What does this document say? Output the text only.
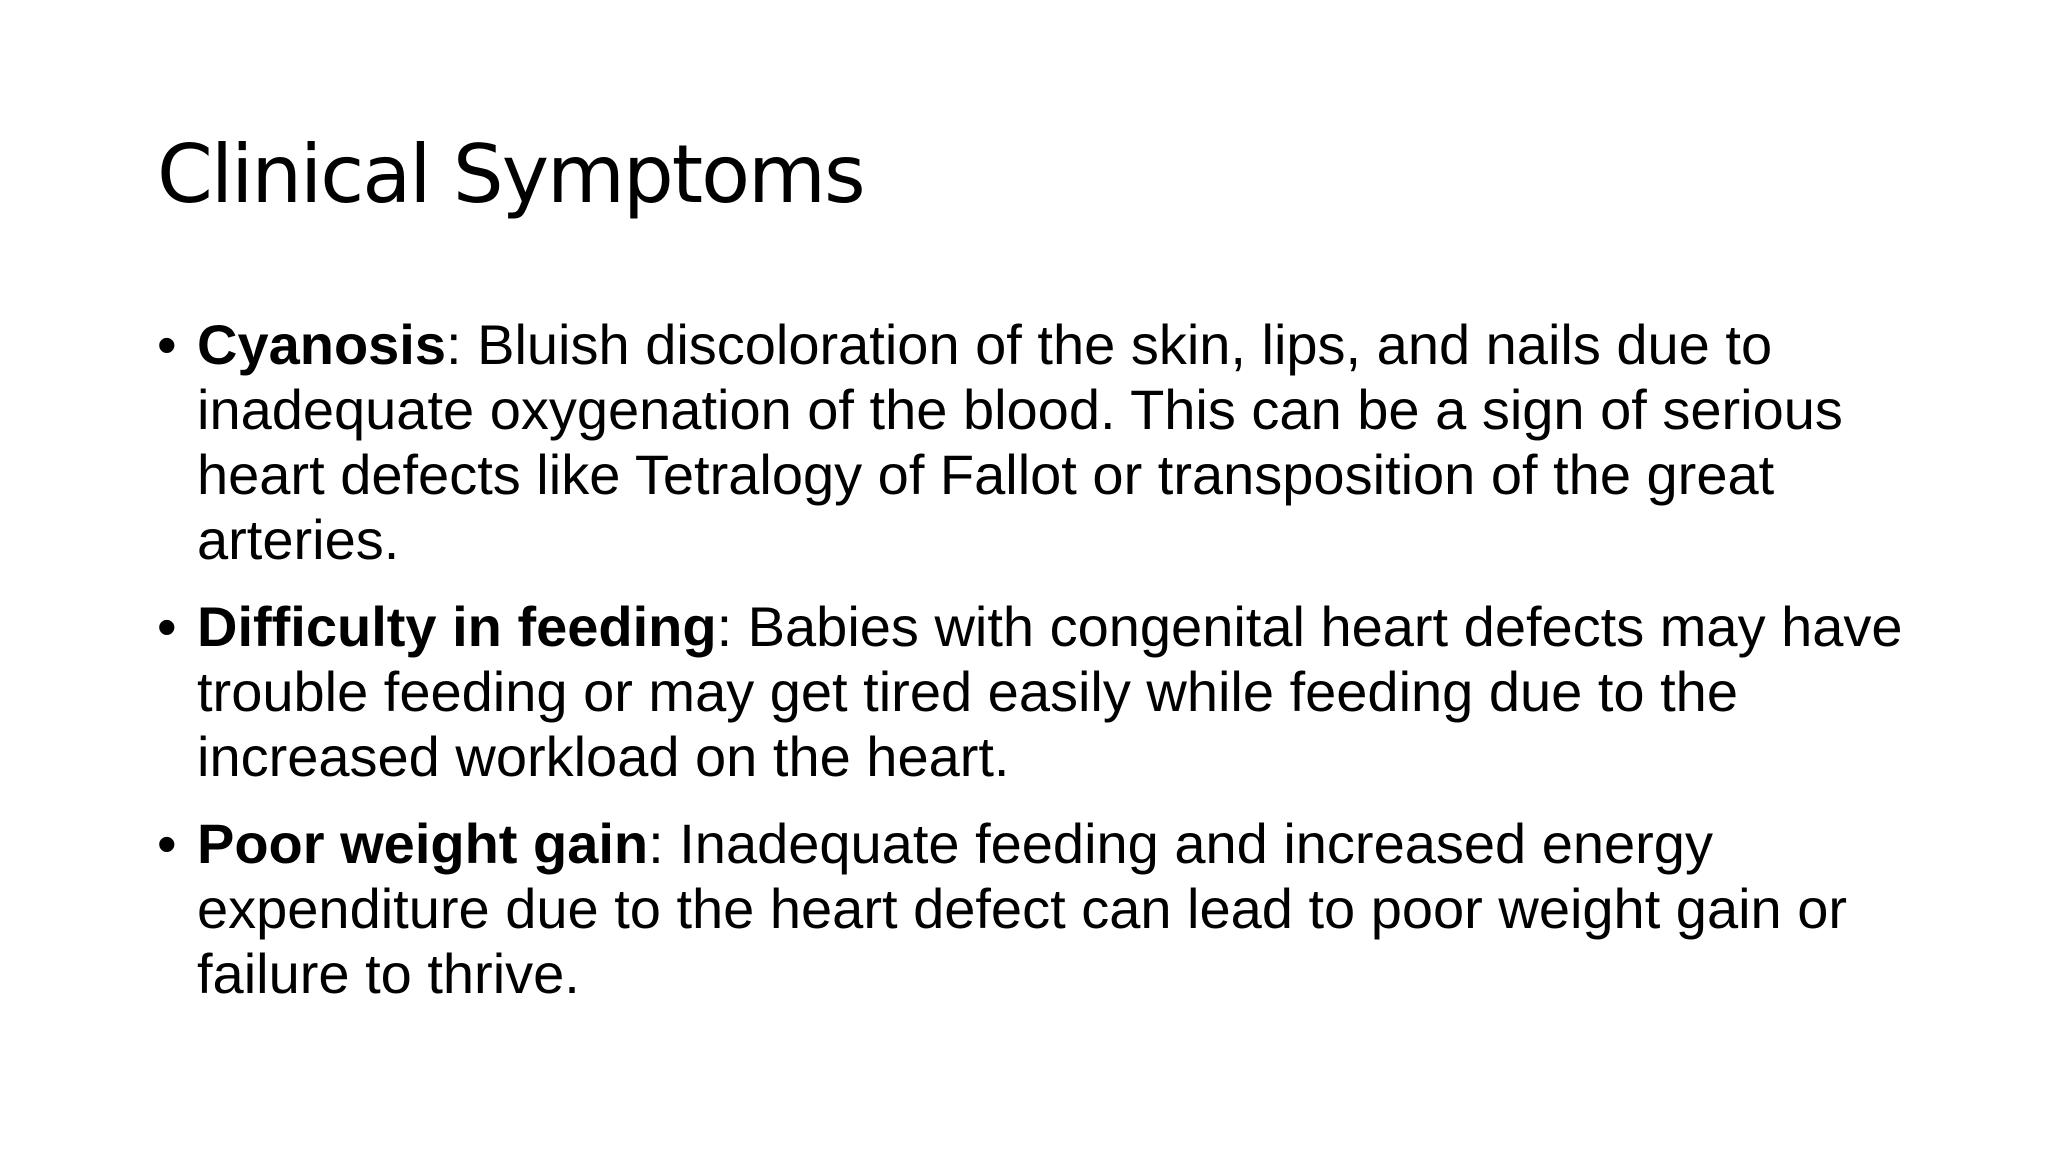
Clinical Symptoms
• Cyanosis: Bluish discoloration of the skin, lips, and nails due to inadequate oxygenation of the blood. This can be a sign of serious heart defects like Tetralogy of Fallot or transposition of the great arteries.
• Difficulty in feeding: Babies with congenital heart defects may have trouble feeding or may get tired easily while feeding due to the increased workload on the heart.
• Poor weight gain: Inadequate feeding and increased energy expenditure due to the heart defect can lead to poor weight gain or failure to thrive.
